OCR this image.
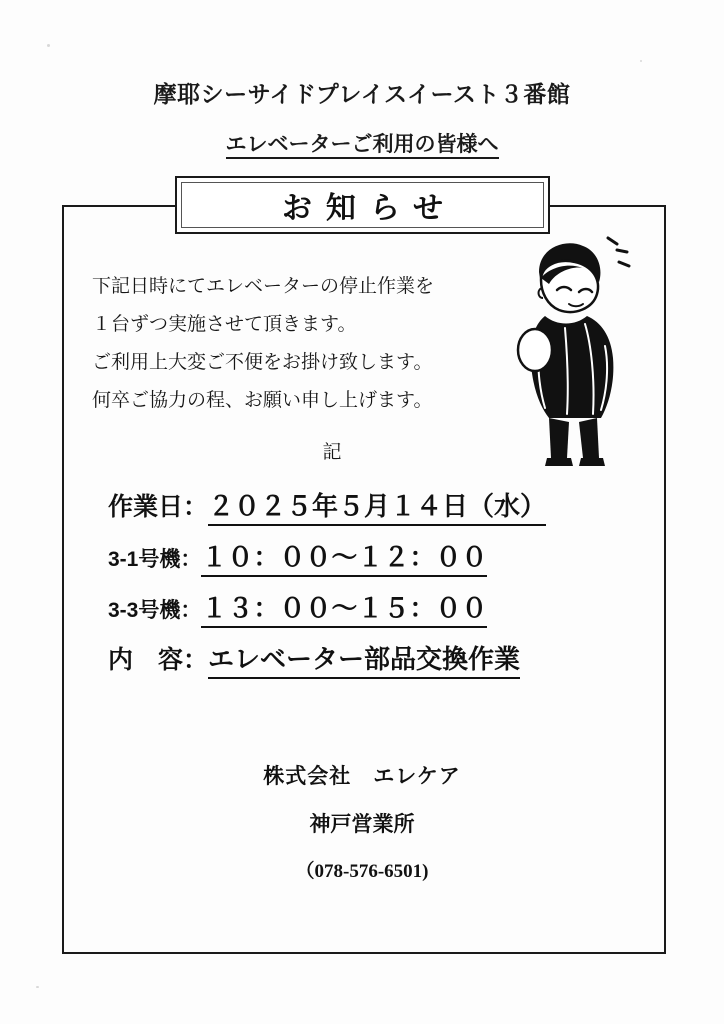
摩耶シーサイドプレイスイースト３番館
エレベーターご利用の皆様へ
お知らせ
下記日時にてエレベーターの停止作業を
１台ずつ実施させて頂きます。
ご利用上大変ご不便をお掛け致します。
何卒ご協力の程、お願い申し上げます。
記
作業日： ２０２５年５月１４日（水）
3-1号機： １０：００～１２：００
3-3号機： １３：００～１５：００
内　容： エレベーター部品交換作業
株式会社　エレケア
神戸営業所
（078-576-6501)
